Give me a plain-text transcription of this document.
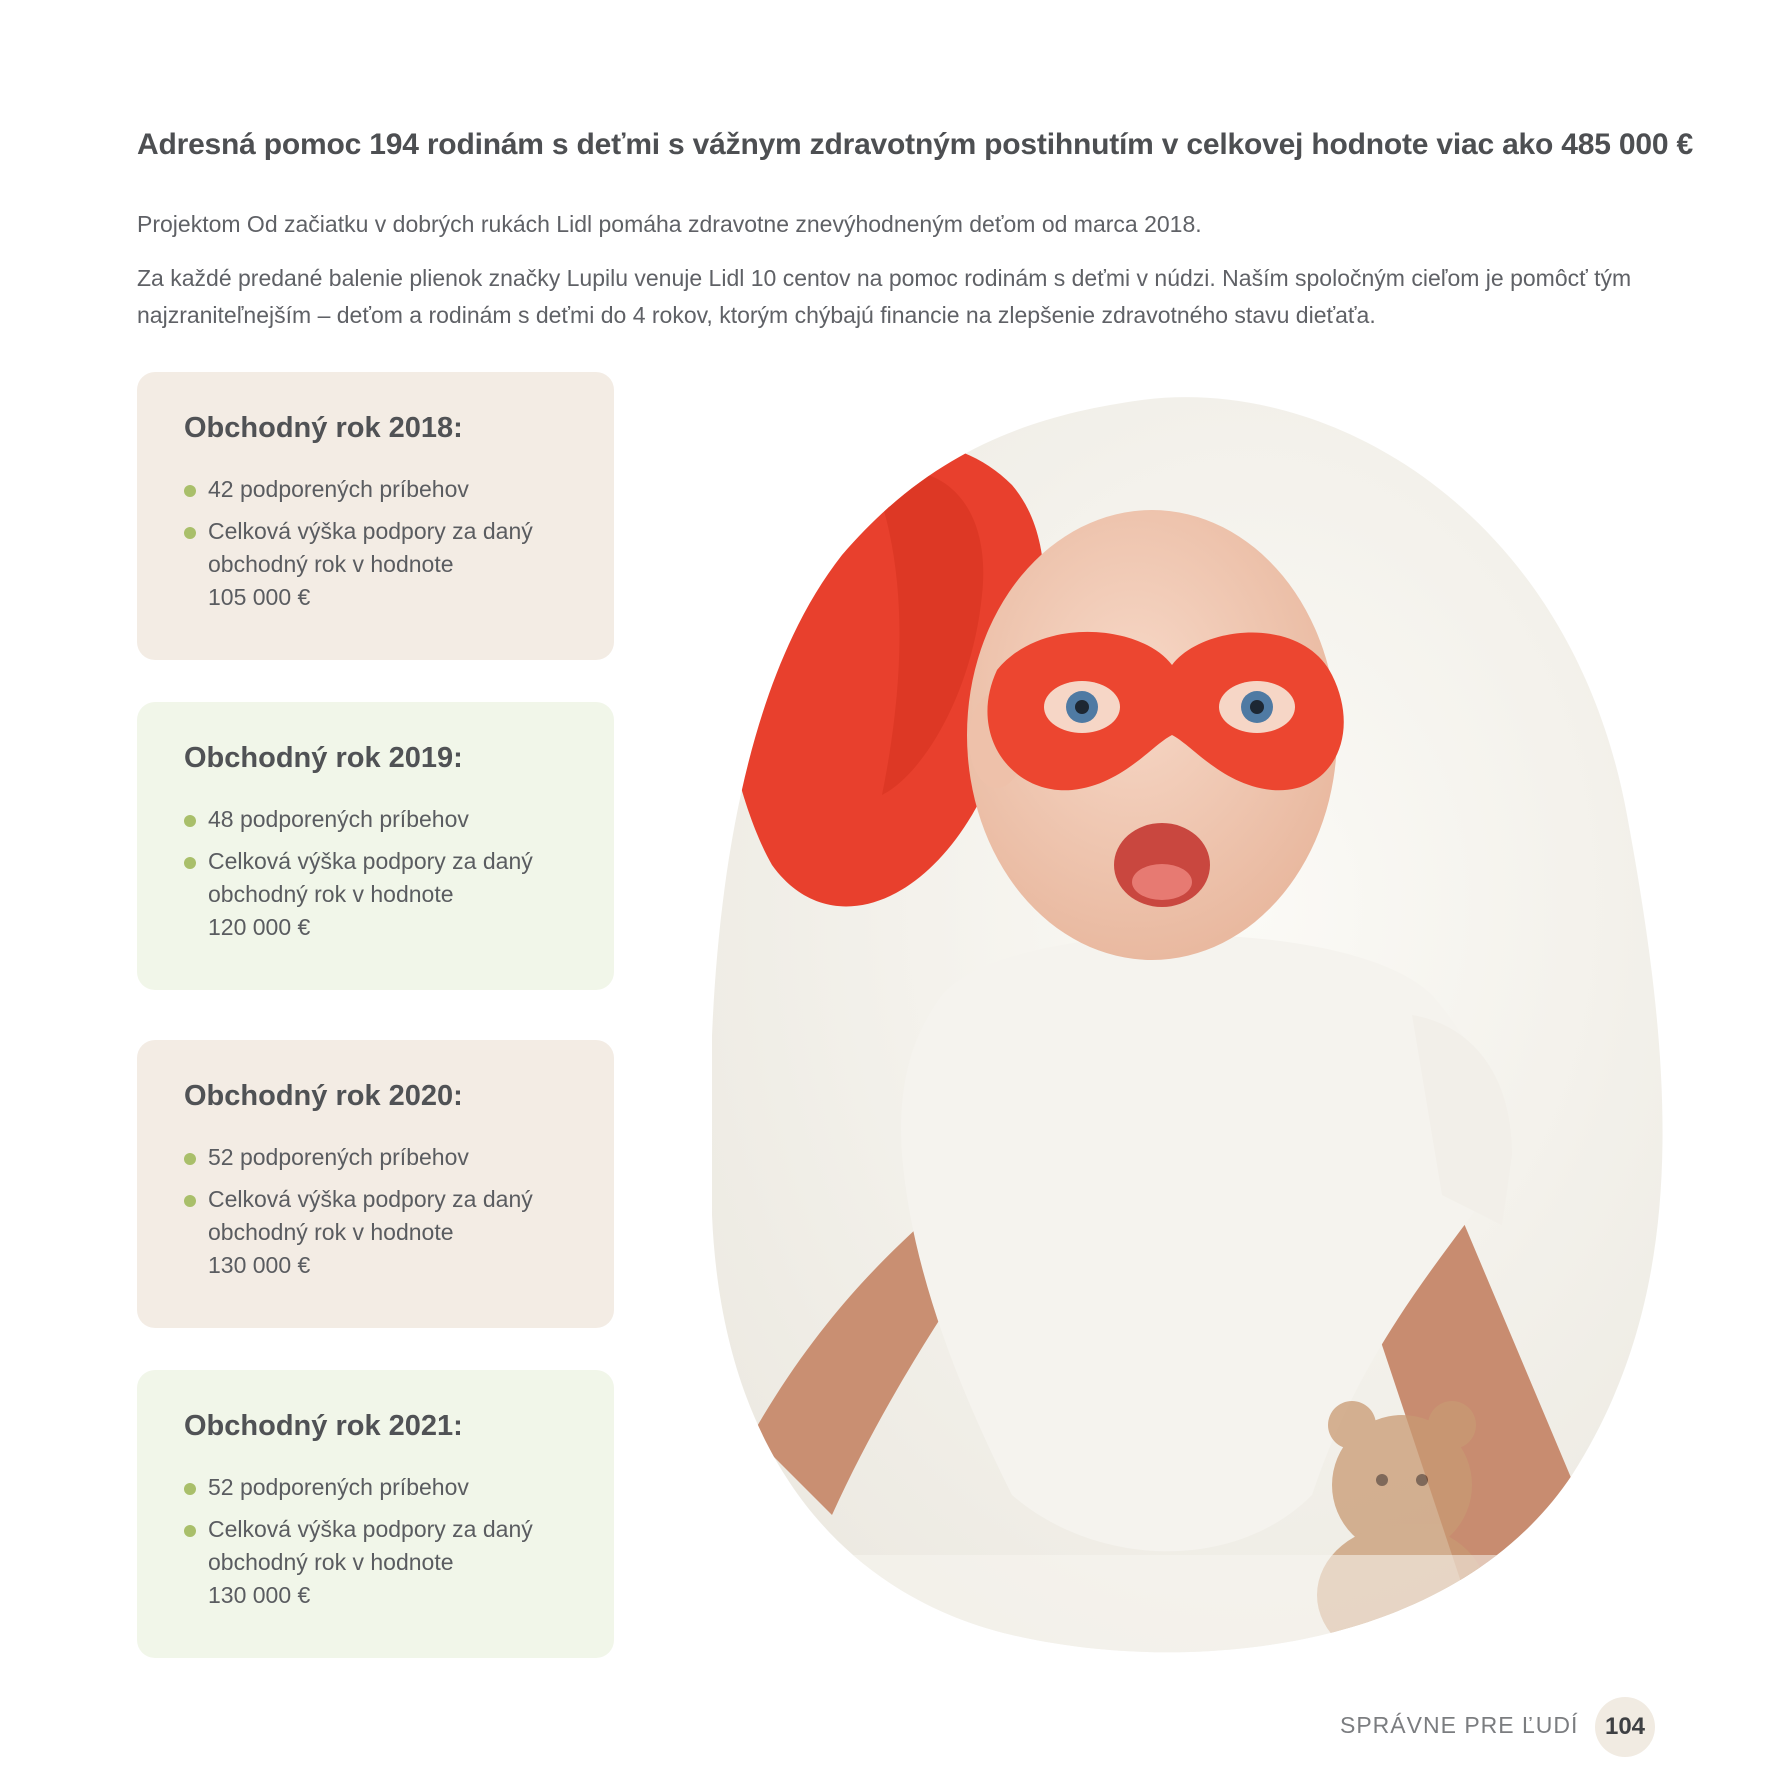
Adresná pomoc 194 rodinám s deťmi s vážnym zdravotným postihnutím v celkovej hodnote viac ako 485 000 €

Projektom Od začiatku v dobrých rukách Lidl pomáha zdravotne znevýhodneným deťom od marca 2018.

Za každé predané balenie plienok značky Lupilu venuje Lidl 10 centov na pomoc rodinám s deťmi v núdzi. Naším spoločným cieľom je pomôcť tým najzraniteľnejším – deťom a rodinám s deťmi do 4 rokov, ktorým chýbajú financie na zlepšenie zdravotného stavu dieťaťa.

Obchodný rok 2018:
42 podporených príbehov
Celková výška podpory za daný obchodný rok v hodnote
105 000 €
Obchodný rok 2019:
48 podporených príbehov
Celková výška podpory za daný obchodný rok v hodnote
120 000 €
Obchodný rok 2020:
52 podporených príbehov
Celková výška podpory za daný obchodný rok v hodnote
130 000 €
Obchodný rok 2021:
52 podporených príbehov
Celková výška podpory za daný obchodný rok v hodnote
130 000 €
SPRÁVNE PRE ĽUDÍ 104
